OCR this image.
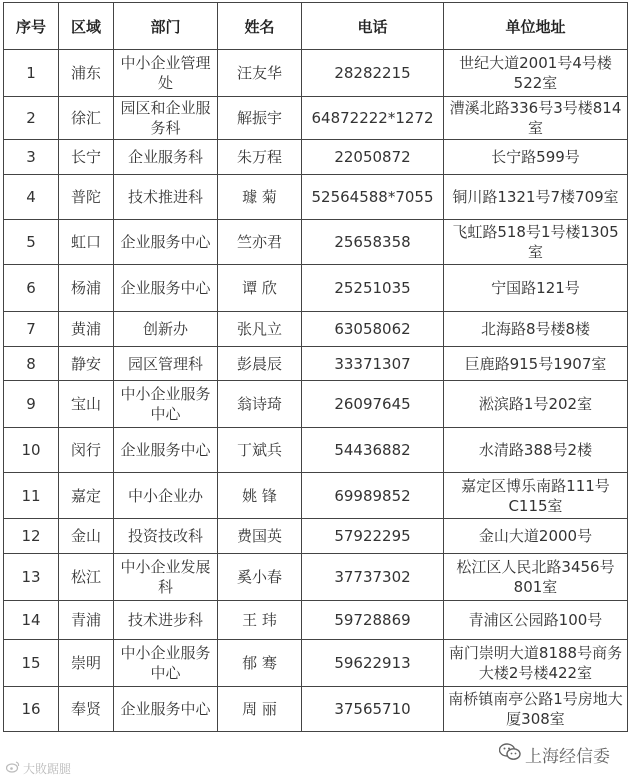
序号	区域	部门	姓名	电话	单位地址
1	浦东	中小企业管理处	汪友华	28282215	世纪大道2001号4号楼522室
2	徐汇	园区和企业服务科	解振宇	64872222*1272	漕溪北路336号3号楼814室
3	长宁	企业服务科	朱万程	22050872	长宁路599号
4	普陀	技术推进科	璩 菊	52564588*7055	铜川路1321号7楼709室
5	虹口	企业服务中心	竺亦君	25658358	飞虹路518号1号楼1305室
6	杨浦	企业服务中心	谭 欣	25251035	宁国路121号
7	黄浦	创新办	张凡立	63058062	北海路8号楼8楼
8	静安	园区管理科	彭晨辰	33371307	巨鹿路915号1907室
9	宝山	中小企业服务中心	翁诗琦	26097645	淞滨路1号202室
10	闵行	企业服务中心	丁斌兵	54436882	水清路388号2楼
11	嘉定	中小企业办	姚 锋	69989852	嘉定区博乐南路111号C115室
12	金山	投资技改科	费国英	57922295	金山大道2000号
13	松江	中小企业发展科	奚小春	37737302	松江区人民北路3456号801室
14	青浦	技术进步科	王 玮	59728869	青浦区公园路100号
15	崇明	中小企业服务中心	郁 骞	59622913	南门崇明大道8188号商务大楼2号楼422室
16	奉贤	企业服务中心	周 丽	37565710	南桥镇南亭公路1号房地大厦308室
大敗踞腿
上海经信委
